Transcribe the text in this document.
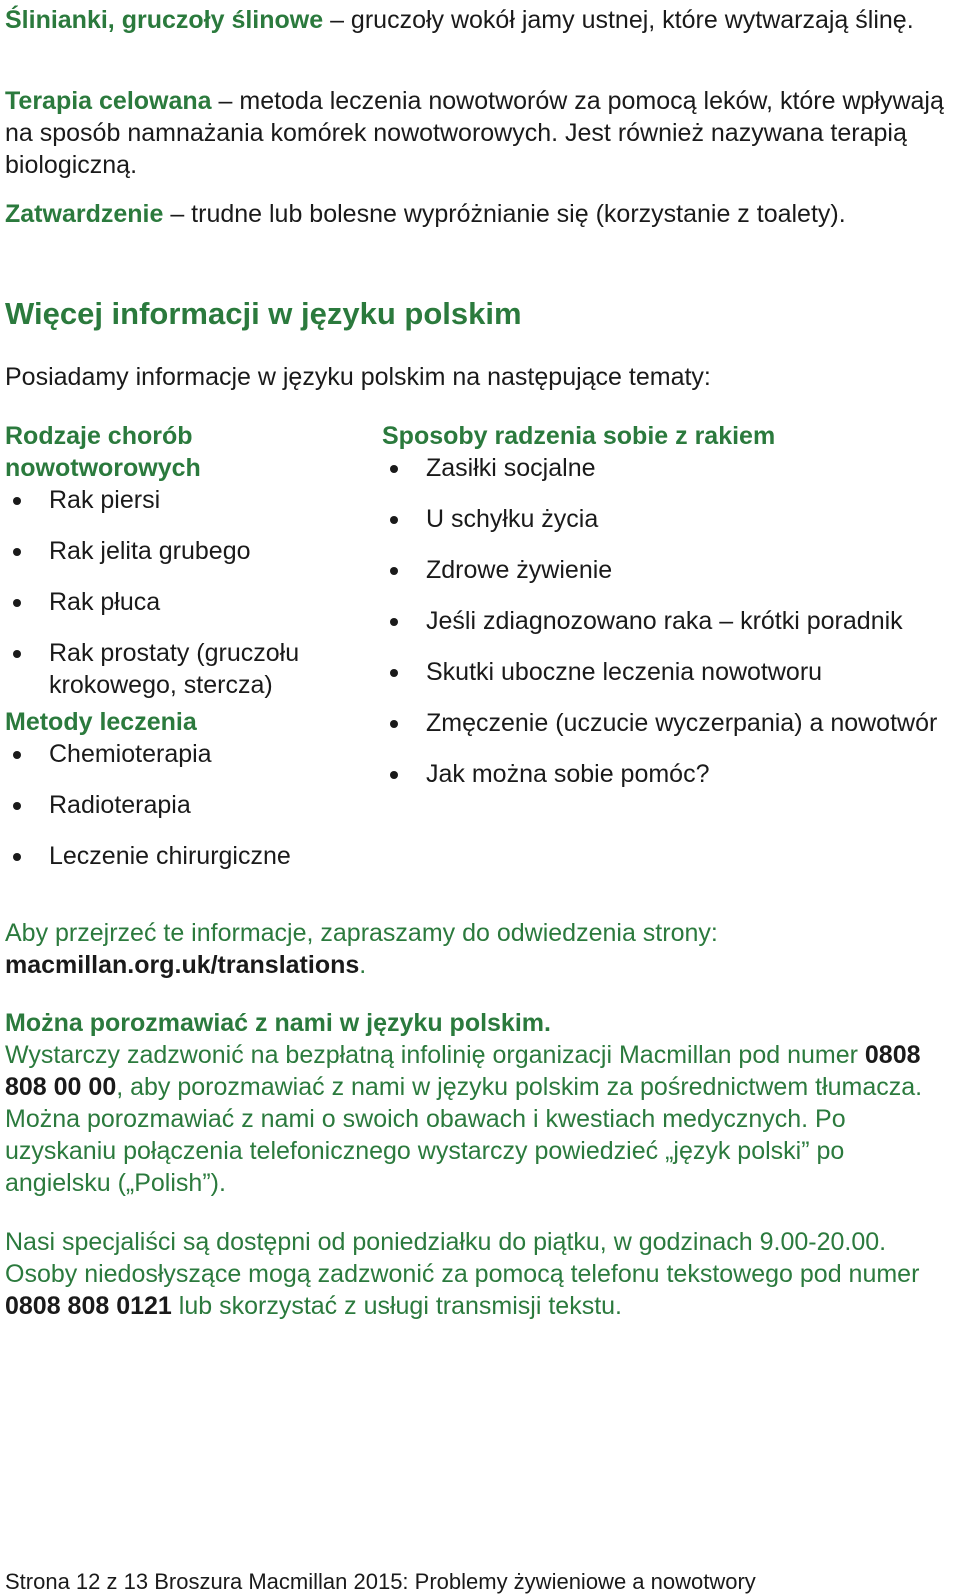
Ślinianki, gruczoły ślinowe – gruczoły wokół jamy ustnej, które wytwarzają ślinę.

Terapia celowana – metoda leczenia nowotworów za pomocą leków, które wpływają na sposób namnażania komórek nowotworowych. Jest również nazywana terapią biologiczną.

Zatwardzenie – trudne lub bolesne wypróżnianie się (korzystanie z toalety).

Więcej informacji w języku polskim

Posiadamy informacje w języku polskim na następujące tematy:

Rodzaje chorób nowotworowych
Rak piersi
Rak jelita grubego
Rak płuca
Rak prostaty (gruczołu krokowego, stercza)
Metody leczenia
Chemioterapia
Radioterapia
Leczenie chirurgiczne
Sposoby radzenia sobie z rakiem
Zasiłki socjalne
U schyłku życia
Zdrowe żywienie
Jeśli zdiagnozowano raka – krótki poradnik
Skutki uboczne leczenia nowotworu
Zmęczenie (uczucie wyczerpania) a nowotwór
Jak można sobie pomóc?

Aby przejrzeć te informacje, zapraszamy do odwiedzenia strony:
macmillan.org.uk/translations.

Można porozmawiać z nami w języku polskim.
Wystarczy zadzwonić na bezpłatną infolinię organizacji Macmillan pod numer 0808 808 00 00, aby porozmawiać z nami w języku polskim za pośrednictwem tłumacza. Można porozmawiać z nami o swoich obawach i kwestiach medycznych. Po uzyskaniu połączenia telefonicznego wystarczy powiedzieć „język polski” po angielsku („Polish”).

Nasi specjaliści są dostępni od poniedziałku do piątku, w godzinach 9.00-20.00. Osoby niedosłyszące mogą zadzwonić za pomocą telefonu tekstowego pod numer 0808 808 0121 lub skorzystać z usługi transmisji tekstu.

Strona 12 z 13 Broszura Macmillan 2015: Problemy żywieniowe a nowotwory
